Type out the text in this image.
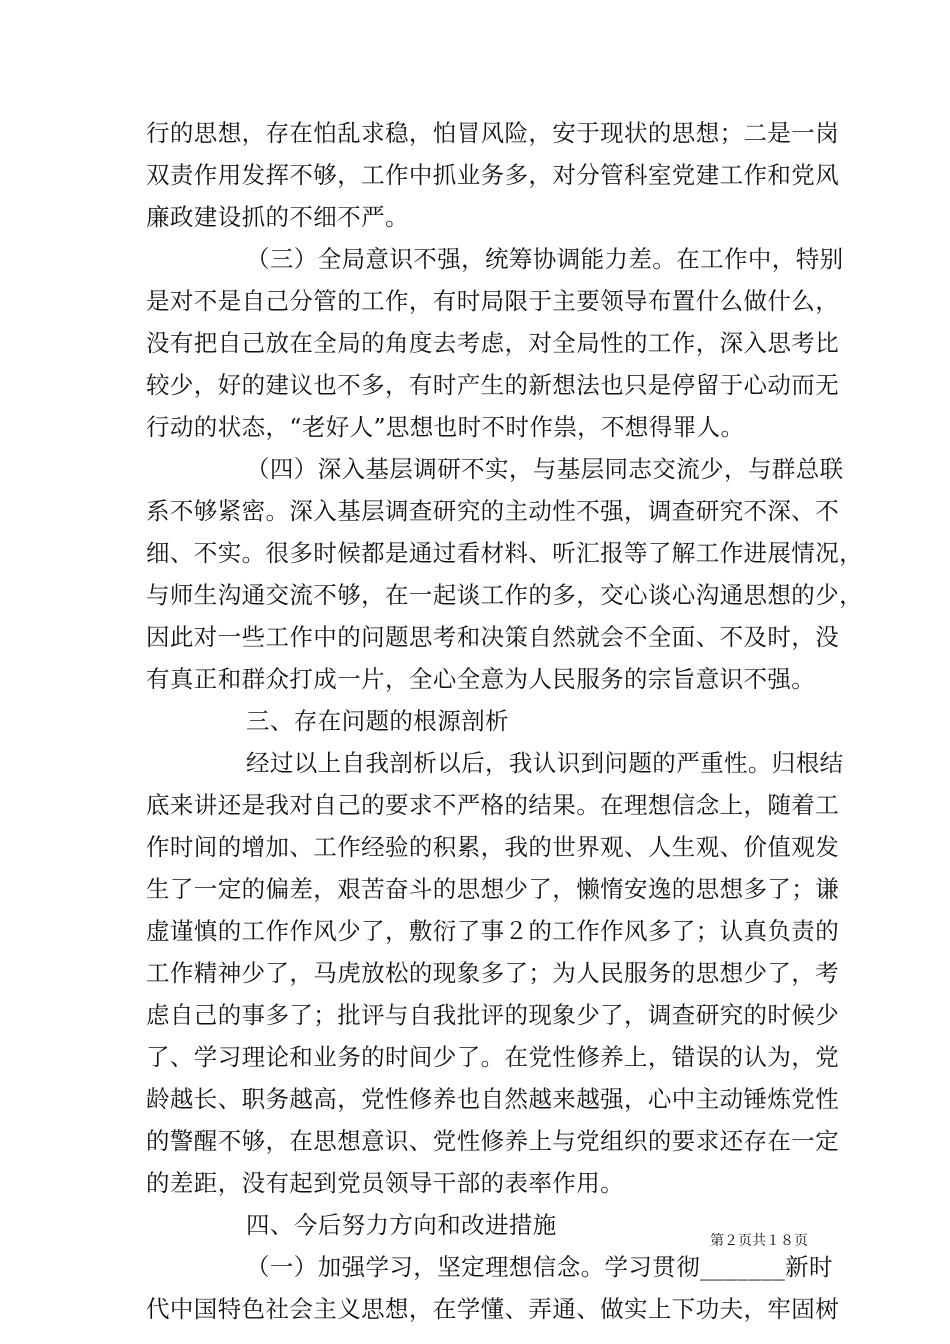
行的思想，存在怕乱求稳，怕冒风险，安于现状的思想；二是一岗
双责作用发挥不够，工作中抓业务多，对分管科室党建工作和党风
廉政建设抓的不细不严。
（三）全局意识不强，统筹协调能力差。在工作中，特别
是对不是自己分管的工作，有时局限于主要领导布置什么做什么，
没有把自己放在全局的角度去考虑，对全局性的工作，深入思考比
较少，好的建议也不多，有时产生的新想法也只是停留于心动而无
行动的状态，“老好人”思想也时不时作祟，不想得罪人。
（四）深入基层调研不实，与基层同志交流少，与群总联
系不够紧密。深入基层调查研究的主动性不强，调查研究不深、不
细、不实。很多时候都是通过看材料、听汇报等了解工作进展情况，
与师生沟通交流不够，在一起谈工作的多，交心谈心沟通思想的少，
因此对一些工作中的问题思考和决策自然就会不全面、不及时，没
有真正和群众打成一片，全心全意为人民服务的宗旨意识不强。
三、存在问题的根源剖析
经过以上自我剖析以后，我认识到问题的严重性。归根结
底来讲还是我对自己的要求不严格的结果。在理想信念上，随着工
作时间的增加、工作经验的积累，我的世界观、人生观、价值观发
生了一定的偏差，艰苦奋斗的思想少了，懒惰安逸的思想多了；谦
虚谨慎的工作作风少了，敷衍了事２的工作作风多了；认真负责的
工作精神少了，马虎放松的现象多了；为人民服务的思想少了，考
虑自己的事多了；批评与自我批评的现象少了，调查研究的时候少
了、学习理论和业务的时间少了。在党性修养上，错误的认为，党
龄越长、职务越高，党性修养也自然越来越强，心中主动锤炼党性
的警醒不够，在思想意识、党性修养上与党组织的要求还存在一定
的差距，没有起到党员领导干部的表率作用。
四、今后努力方向和改进措施
（一）加强学习，坚定理想信念。学习贯彻_______新时
代中国特色社会主义思想，在学懂、弄通、做实上下功夫，牢固树
第２页共１８页
